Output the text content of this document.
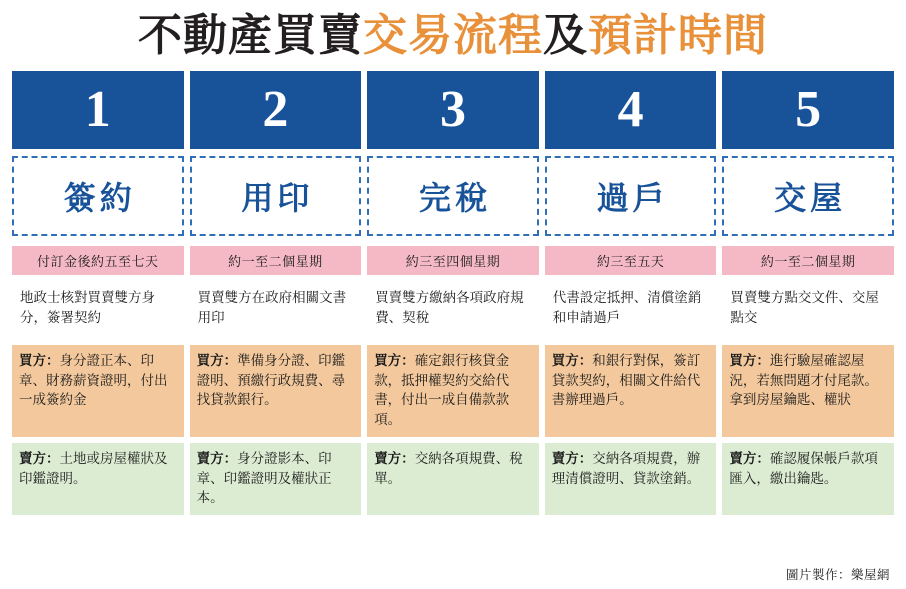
不動產買賣交易流程及預計時間
1
簽約
付訂金後約五至七天
地政士核對買賣雙方身分，簽署契約
買方：身分證正本、印章、財務薪資證明，付出一成簽約金
賣方：土地或房屋權狀及印鑑證明。
2
用印
約一至二個星期
買賣雙方在政府相關文書用印
買方：準備身分證、印鑑證明、預繳行政規費、尋找貸款銀行。
賣方：身分證影本、印章、印鑑證明及權狀正本。
3
完稅
約三至四個星期
買賣雙方繳納各項政府規費、契稅
買方：確定銀行核貸金款，抵押權契約交給代書，付出一成自備款款項。
賣方：交納各項規費、稅單。
4
過戶
約三至五天
代書設定抵押、清償塗銷和申請過戶
買方：和銀行對保，簽訂貸款契約，相關文件給代書辦理過戶。
賣方：交納各項規費，辦理清償證明、貸款塗銷。
5
交屋
約一至二個星期
買賣雙方點交文件、交屋點交
買方：進行驗屋確認屋況，若無問題才付尾款。拿到房屋鑰匙、權狀
賣方：確認履保帳戶款項匯入，繳出鑰匙。
圖片製作：樂屋網
